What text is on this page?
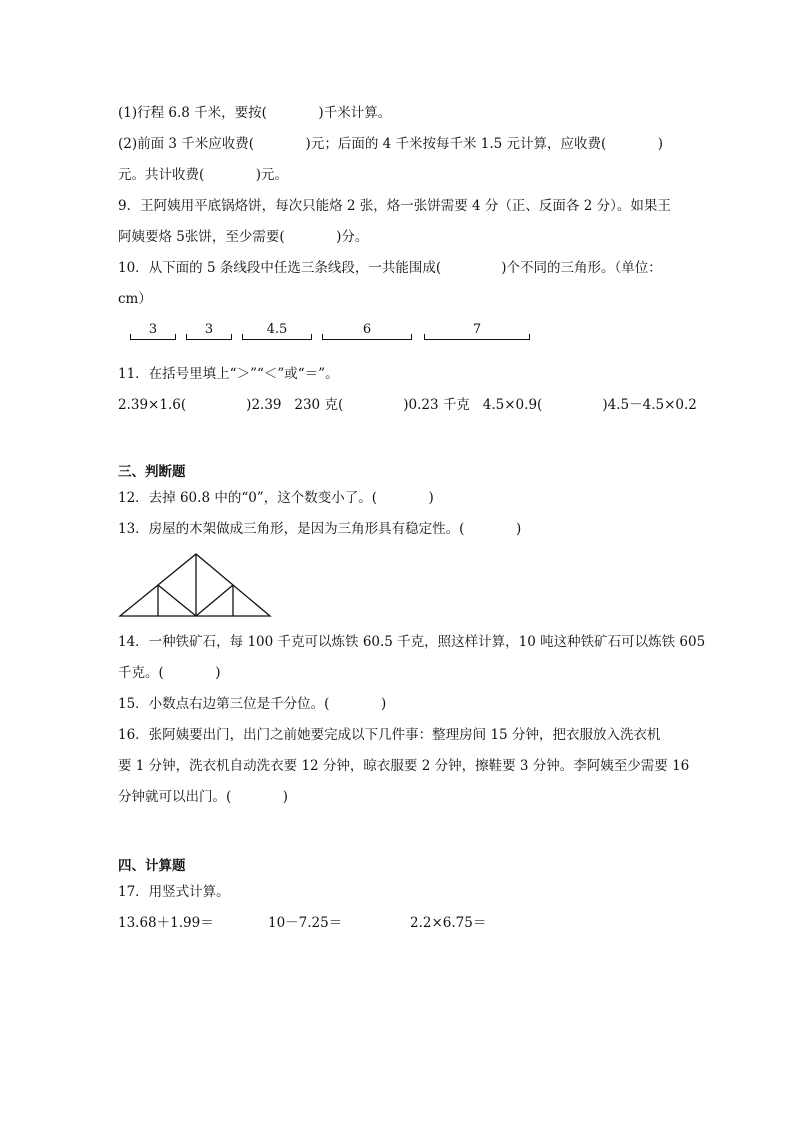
(1)行程 6.8 千米，要按(            )千米计算。
(2)前面 3 千米应收费(            )元；后面的 4 千米按每千米 1.5 元计算，应收费(            )
元。共计收费(            )元。
9．王阿姨用平底锅烙饼，每次只能烙 2 张，烙一张饼需要 4 分（正、反面各 2 分）。如果王
阿姨要烙 5张饼，至少需要(            )分。
10．从下面的 5 条线段中任选三条线段，一共能围成(              )个不同的三角形。（单位：
cm）
3	3	4.5	6	7
11．在括号里填上“＞”“＜”或“＝”。
2.39×1.6(              )2.39   230 克(              )0.23 千克   4.5×0.9(              )4.5－4.5×0.2
三、判断题
12．去掉 60.8 中的“0”，这个数变小了。(            )
13．房屋的木架做成三角形，是因为三角形具有稳定性。(            )
14．一种铁矿石，每 100 千克可以炼铁 60.5 千克，照这样计算，10 吨这种铁矿石可以炼铁 605
千克。(            )
15．小数点右边第三位是千分位。(            )
16．张阿姨要出门，出门之前她要完成以下几件事：整理房间 15 分钟，把衣服放入洗衣机
要 1 分钟，洗衣机自动洗衣要 12 分钟，晾衣服要 2 分钟，擦鞋要 3 分钟。李阿姨至少需要 16
分钟就可以出门。(            )
四、计算题
17．用竖式计算。
13.68＋1.99＝	10－7.25＝	2.2×6.75＝
